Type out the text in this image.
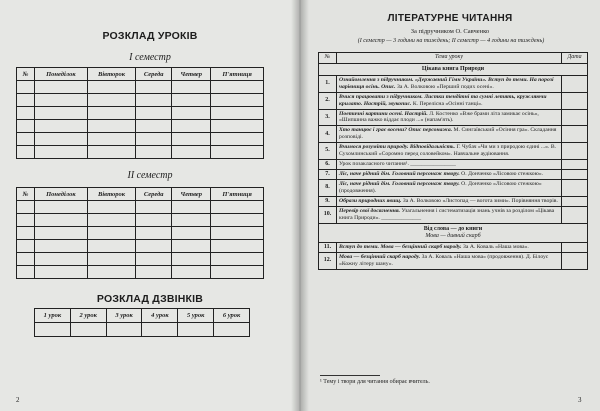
РОЗКЛАД УРОКІВ
І семестр
№	Понеділок	Вівторок	Середа	Четвер	П'ятниця

ІІ семестр
№	Понеділок	Вівторок	Середа	Четвер	П'ятниця

РОЗКЛАД ДЗВІНКІВ
1 урок	2 урок	3 урок	4 урок	5 урок	6 урок

2
ЛІТЕРАТУРНЕ ЧИТАННЯ
За підручником О. Савченко
(І семестр — 3 години на тиждень; ІІ семестр — 4 години на тиждень)
№	Тема уроку	Дата
Цікава книга Природи		
1.	Ознайомлення з підручником. «Державний Гімн України». Вступ до теми. На порозі чарівниця осінь. Опис. За А. Волковою «Перший подих осені».	
2.	Вчися працювати з підручником. Листки тендітні та сумні летять, кружляючи крилато. Настрій, звукопис. К. Перелісна «Осінні танці».	
3.	Поетичні картини осені. Настрій. Л. Костенко «Вже брами літа замикає осінь», «Шипшина важко віддає плоди ...» (напам'ять).	
4.	Хто танцює і грає восени? Опис персонажа. М. Сингаївський «Осіння гра». Складання розповіді.	
5.	Вчимося розуміти природу. Відповідальність. Г. Чубач «Чи ми з природою єдині ...». В. Сухомлинський «Соромно перед соловейком». Навчальне аудіювання.	
6.	Урок позакласного читання¹. ________________	
7.	Ліс, наче рідний дім. Головний персонаж твору. О. Донченко «Лісовою стежкою».	
8.	Ліс, наче рідний дім. Головний персонаж твору. О. Донченко «Лісовою стежкою» (продовження).	
9.	Образи природних явищ. За А. Волковою «Листопад — вогота зими». Порівняння творів.	
10.	Перевір свої досягнення. Узагальнення і систематизація знань учнів за розділом «Цікава книга Природи». ______________	
Від слова — до книги
Мова — дивний скарб		
11.	Вступ до теми. Мова — безцінний скарб народу. За А. Коваль «Наша мова».	
12.	Мова — безцінний скарб народу. За А. Коваль «Наша мова» (продовження). Д. Білоус «Кожну літеру шану».	
¹ Тему і твори для читання обирає вчитель.
3
